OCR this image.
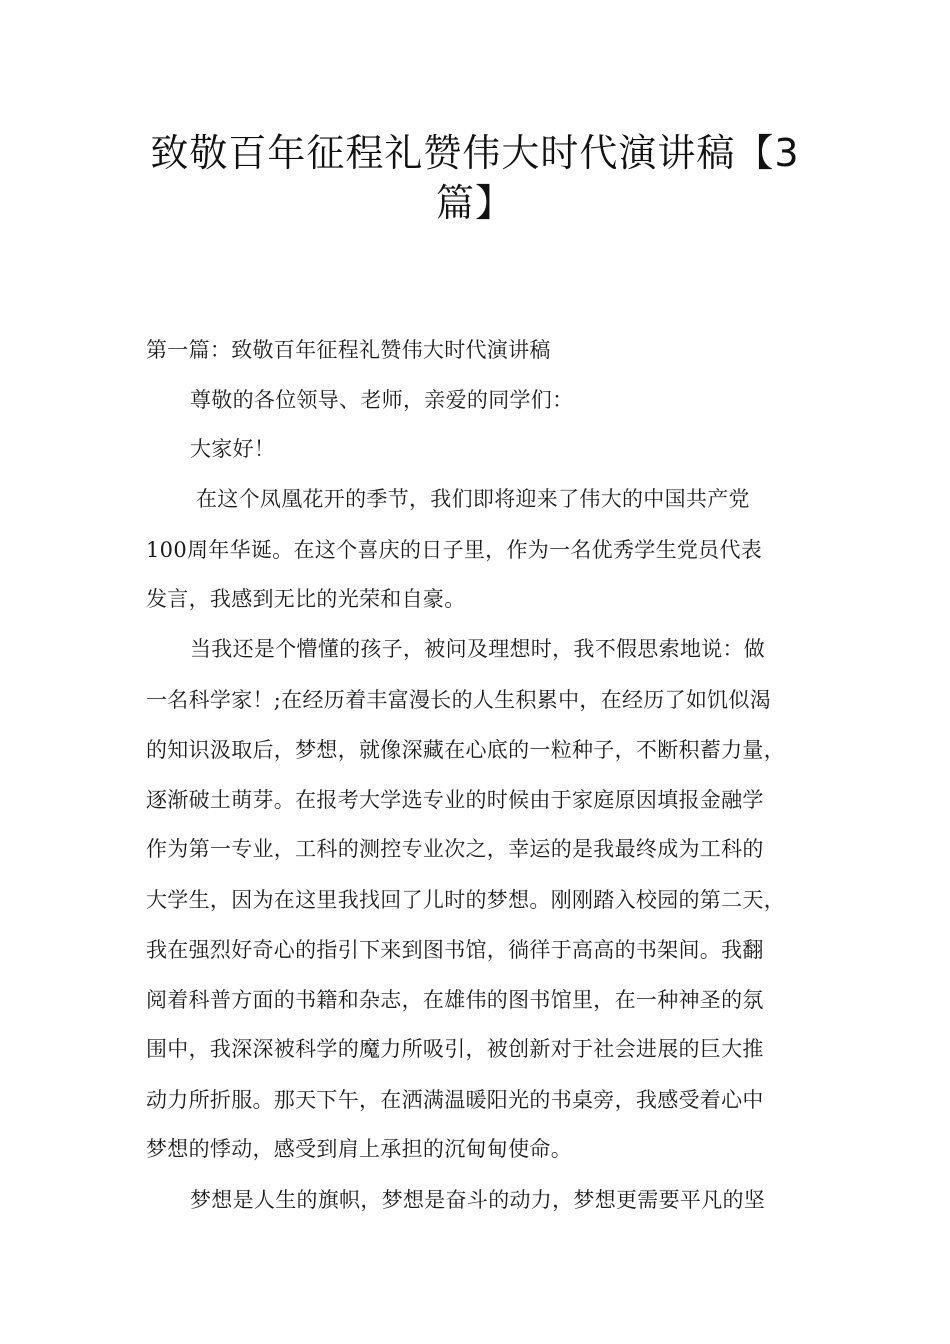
致敬百年征程礼赞伟大时代演讲稿【3
篇】
第一篇：致敬百年征程礼赞伟大时代演讲稿
尊敬的各位领导、老师，亲爱的同学们：
大家好！
在这个凤凰花开的季节，我们即将迎来了伟大的中国共产党
100周年华诞。在这个喜庆的日子里，作为一名优秀学生党员代表
发言，我感到无比的光荣和自豪。
当我还是个懵懂的孩子，被问及理想时，我不假思索地说：做
一名科学家！;在经历着丰富漫长的人生积累中，在经历了如饥似渴
的知识汲取后，梦想，就像深藏在心底的一粒种子，不断积蓄力量，
逐渐破土萌芽。在报考大学选专业的时候由于家庭原因填报金融学
作为第一专业，工科的测控专业次之，幸运的是我最终成为工科的
大学生，因为在这里我找回了儿时的梦想。刚刚踏入校园的第二天，
我在强烈好奇心的指引下来到图书馆，徜徉于高高的书架间。我翻
阅着科普方面的书籍和杂志，在雄伟的图书馆里，在一种神圣的氛
围中，我深深被科学的魔力所吸引，被创新对于社会进展的巨大推
动力所折服。那天下午，在洒满温暖阳光的书桌旁，我感受着心中
梦想的悸动，感受到肩上承担的沉甸甸使命。
梦想是人生的旗帜，梦想是奋斗的动力，梦想更需要平凡的坚
